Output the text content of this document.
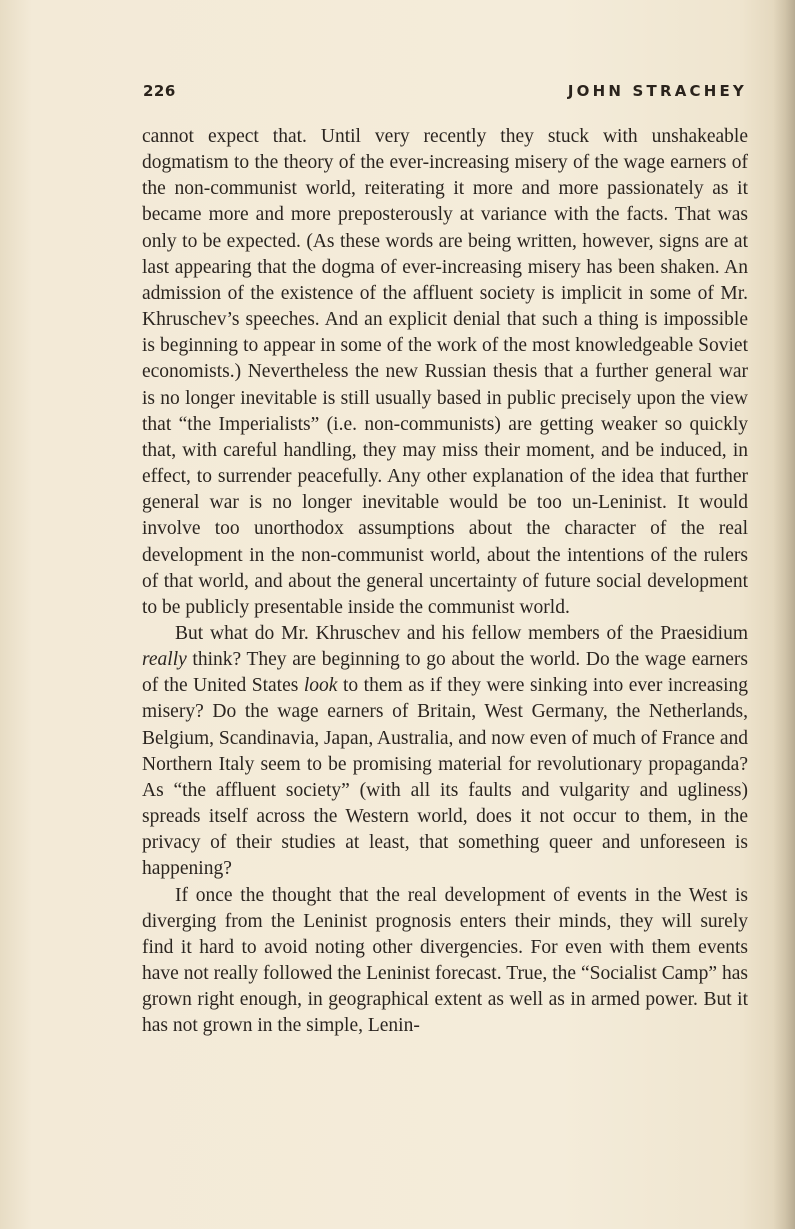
226	JOHN STRACHEY

cannot expect that. Until very recently they stuck with unshakeable dogmatism to the theory of the ever-increasing misery of the wage earners of the non-communist world, reiterating it more and more passionately as it became more and more preposterously at variance with the facts. That was only to be expected. (As these words are being written, however, signs are at last appearing that the dogma of ever-increasing misery has been shaken. An admission of the existence of the affluent society is implicit in some of Mr. Khruschev’s speeches. And an explicit denial that such a thing is impossible is beginning to appear in some of the work of the most knowledgeable Soviet economists.) Nevertheless the new Russian thesis that a further general war is no longer inevitable is still usually based in public precisely upon the view that “the Imperialists” (i.e. non-communists) are getting weaker so quickly that, with careful handling, they may miss their moment, and be induced, in effect, to surrender peacefully. Any other explanation of the idea that further general war is no longer inevitable would be too un-Leninist. It would involve too unorthodox assumptions about the character of the real development in the non-communist world, about the intentions of the rulers of that world, and about the general uncertainty of future social development to be publicly presentable inside the communist world.

But what do Mr. Khruschev and his fellow members of the Praesidium really think? They are beginning to go about the world. Do the wage earners of the United States look to them as if they were sinking into ever increasing misery? Do the wage earners of Britain, West Germany, the Netherlands, Belgium, Scandinavia, Japan, Australia, and now even of much of France and Northern Italy seem to be promising material for revolutionary propaganda? As “the affluent society” (with all its faults and vulgarity and ugliness) spreads itself across the Western world, does it not occur to them, in the privacy of their studies at least, that something queer and unforeseen is happening?

If once the thought that the real development of events in the West is diverging from the Leninist prognosis enters their minds, they will surely find it hard to avoid noting other divergencies. For even with them events have not really followed the Leninist forecast. True, the “Socialist Camp” has grown right enough, in geographical extent as well as in armed power. But it has not grown in the simple, Lenin-
